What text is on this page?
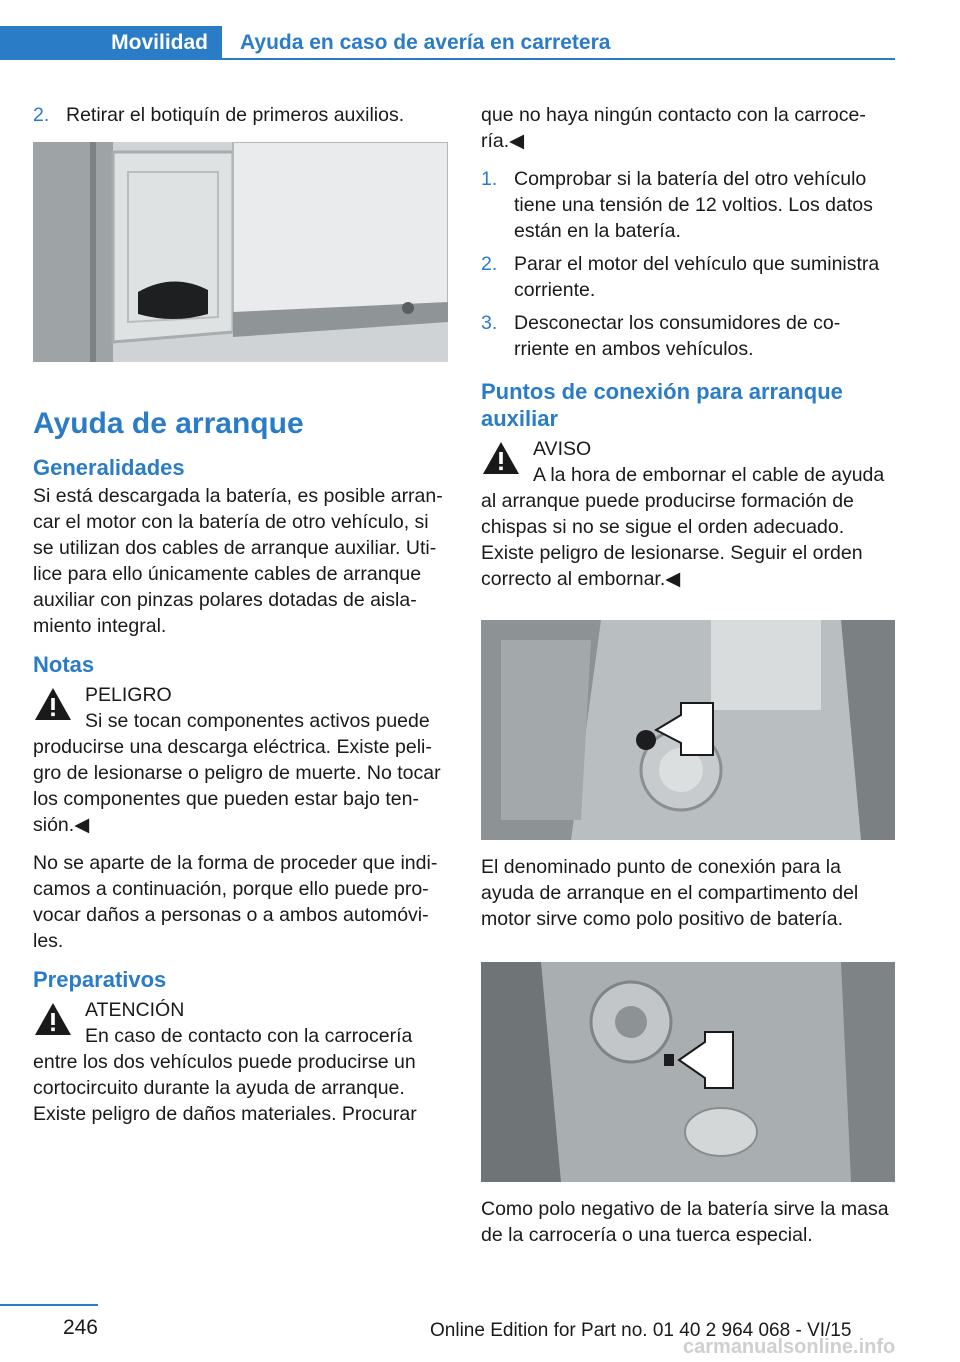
Movilidad	Ayuda en caso de avería en carretera
2. Retirar el botiquín de primeros auxilios.
Ayuda de arranque
Generalidades

Si está descargada la batería, es posible arran‐ car el motor con la batería de otro vehículo, si se utilizan dos cables de arranque auxiliar. Uti‐ lice para ello únicamente cables de arranque auxiliar con pinzas polares dotadas de aisla‐ miento integral.

Notas
PELIGRO
Si se tocan componentes activos puede
producirse una descarga eléctrica. Existe peli‐ gro de lesionarse o peligro de muerte. No tocar los componentes que pueden estar bajo ten‐ sión.◀

No se aparte de la forma de proceder que indi‐ camos a continuación, porque ello puede pro‐ vocar daños a personas o a ambos automóvi‐ les.

Preparativos
ATENCIÓN
En caso de contacto con la carrocería
entre los dos vehículos puede producirse un cortocircuito durante la ayuda de arranque. Existe peligro de daños materiales. Procurar

que no haya ningún contacto con la carroce‐ ría.◀

1. Comprobar si la batería del otro vehículo tiene una tensión de 12 voltios. Los datos están en la batería.
2. Parar el motor del vehículo que suministra corriente.
3. Desconectar los consumidores de co‐ rriente en ambos vehículos.
Puntos de conexión para arranque auxiliar
AVISO
A la hora de embornar el cable de ayuda
al arranque puede producirse formación de chispas si no se sigue el orden adecuado. Existe peligro de lesionarse. Seguir el orden correcto al embornar.◀

El denominado punto de conexión para la ayuda de arranque en el compartimento del motor sirve como polo positivo de batería.

Como polo negativo de la batería sirve la masa de la carrocería o una tuerca especial.

246	Online Edition for Part no. 01 40 2 964 068 - VI/15
carmanualsonline.info
